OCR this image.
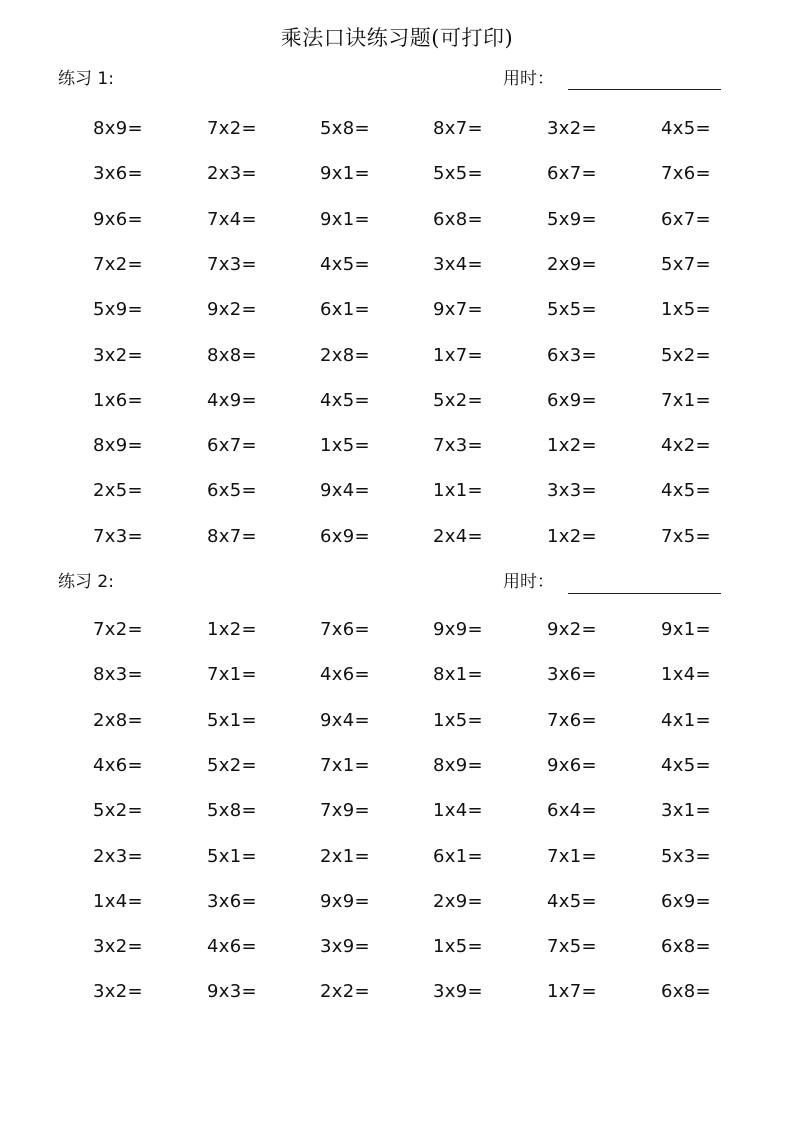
乘法口诀练习题(可打印)
练习 1:	用时：
8x9=	7x2=	5x8=	8x7=	3x2=	4x5=
3x6=	2x3=	9x1=	5x5=	6x7=	7x6=
9x6=	7x4=	9x1=	6x8=	5x9=	6x7=
7x2=	7x3=	4x5=	3x4=	2x9=	5x7=
5x9=	9x2=	6x1=	9x7=	5x5=	1x5=
3x2=	8x8=	2x8=	1x7=	6x3=	5x2=
1x6=	4x9=	4x5=	5x2=	6x9=	7x1=
8x9=	6x7=	1x5=	7x3=	1x2=	4x2=
2x5=	6x5=	9x4=	1x1=	3x3=	4x5=
7x3=	8x7=	6x9=	2x4=	1x2=	7x5=
练习 2:	用时：
7x2=	1x2=	7x6=	9x9=	9x2=	9x1=
8x3=	7x1=	4x6=	8x1=	3x6=	1x4=
2x8=	5x1=	9x4=	1x5=	7x6=	4x1=
4x6=	5x2=	7x1=	8x9=	9x6=	4x5=
5x2=	5x8=	7x9=	1x4=	6x4=	3x1=
2x3=	5x1=	2x1=	6x1=	7x1=	5x3=
1x4=	3x6=	9x9=	2x9=	4x5=	6x9=
3x2=	4x6=	3x9=	1x5=	7x5=	6x8=
3x2=	9x3=	2x2=	3x9=	1x7=	6x8=
